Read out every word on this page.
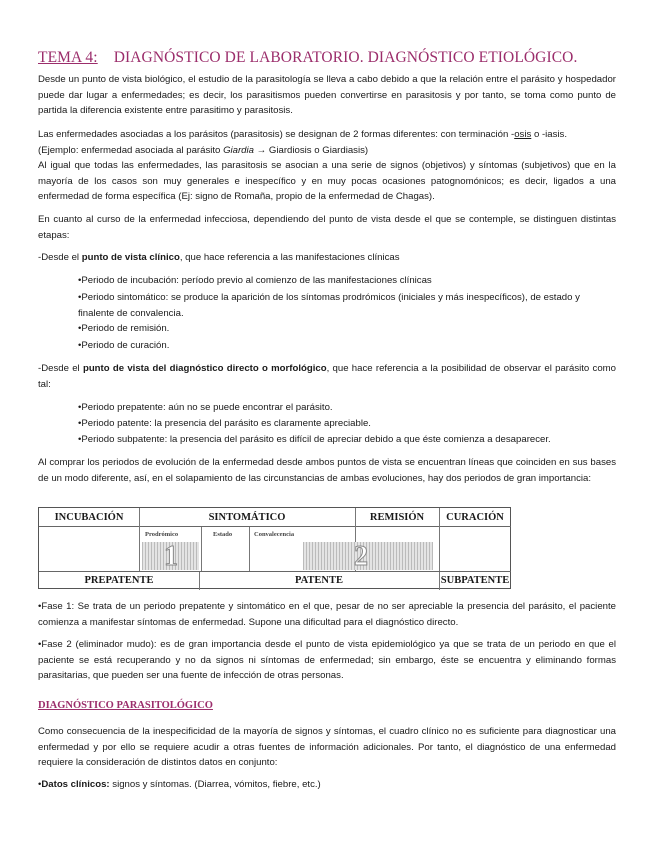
TEMA 4: DIAGNÓSTICO DE LABORATORIO. DIAGNÓSTICO ETIOLÓGICO.

Desde un punto de vista biológico, el estudio de la parasitología se lleva a cabo debido a que la relación entre el parásito y hospedador puede dar lugar a enfermedades; es decir, los parasitismos pueden convertirse en parasitosis y por tanto, se toma como punto de partida la diferencia existente entre parasitimo y parasitosis.

Las enfermedades asociadas a los parásitos (parasitosis) se designan de 2 formas diferentes: con terminación -osis o -iasis.
(Ejemplo: enfermedad asociada al parásito Giardia → Giardiosis o Giardiasis)

Al igual que todas las enfermedades, las parasitosis se asocian a una serie de signos (objetivos) y síntomas (subjetivos) que en la mayoría de los casos son muy generales e inespecífico y en muy pocas ocasiones patognomónicos; es decir, ligados a una enfermedad de forma específica (Ej: signo de Romaña, propio de la enfermedad de Chagas).

En cuanto al curso de la enfermedad infecciosa, dependiendo del punto de vista desde el que se contemple, se distinguen distintas etapas:

-Desde el punto de vista clínico, que hace referencia a las manifestaciones clínicas

• Periodo de incubación: período previo al comienzo de las manifestaciones clínicas
• Periodo sintomático: se produce la aparición de los síntomas prodrómicos (iniciales y más inespecíficos), de estado y finalente de convalencia.
• Periodo de remisión.
• Periodo de curación.

-Desde el punto de vista del diagnóstico directo o morfológico, que hace referencia a la posibilidad de observar el parásito como tal:

• Periodo prepatente: aún no se puede encontrar el parásito.
• Periodo patente: la presencia del parásito es claramente apreciable.
• Periodo subpatente: la presencia del parásito es difícil de apreciar debido a que éste comienza a desaparecer.

Al comprar los periodos de evolución de la enfermedad desde ambos puntos de vista se encuentran líneas que coinciden en sus bases de un modo diferente, así, en el solapamiento de las circunstancias de ambas evoluciones, hay dos periodos de gran importancia:

INCUBACIÓN	SINTOMÁTICO	REMISIÓN	CURACIÓN
Prodrómico	Estado	Convalecencia
1	2
PREPATENTE	PATENTE	SUBPATENTE

• Fase 1: Se trata de un periodo prepatente y sintomático en el que, pesar de no ser apreciable la presencia del parásito, el paciente comienza a manifestar síntomas de enfermedad. Supone una dificultad para el diagnóstico directo.

• Fase 2 (eliminador mudo): es de gran importancia desde el punto de vista epidemiológico ya que se trata de un periodo en que el paciente se está recuperando y no da signos ni síntomas de enfermedad; sin embargo, éste se encuentra y eliminando formas parasitarias, que pueden ser una fuente de infección de otras personas.

DIAGNÓSTICO PARASITOLÓGICO

Como consecuencia de la inespecificidad de la mayoría de signos y síntomas, el cuadro clínico no es suficiente para diagnosticar una enfermedad y por ello se requiere acudir a otras fuentes de información adicionales. Por tanto, el diagnóstico de una enfermedad requiere la consideración de distintos datos en conjunto:

• Datos clínicos: signos y síntomas. (Diarrea, vómitos, fiebre, etc.)
